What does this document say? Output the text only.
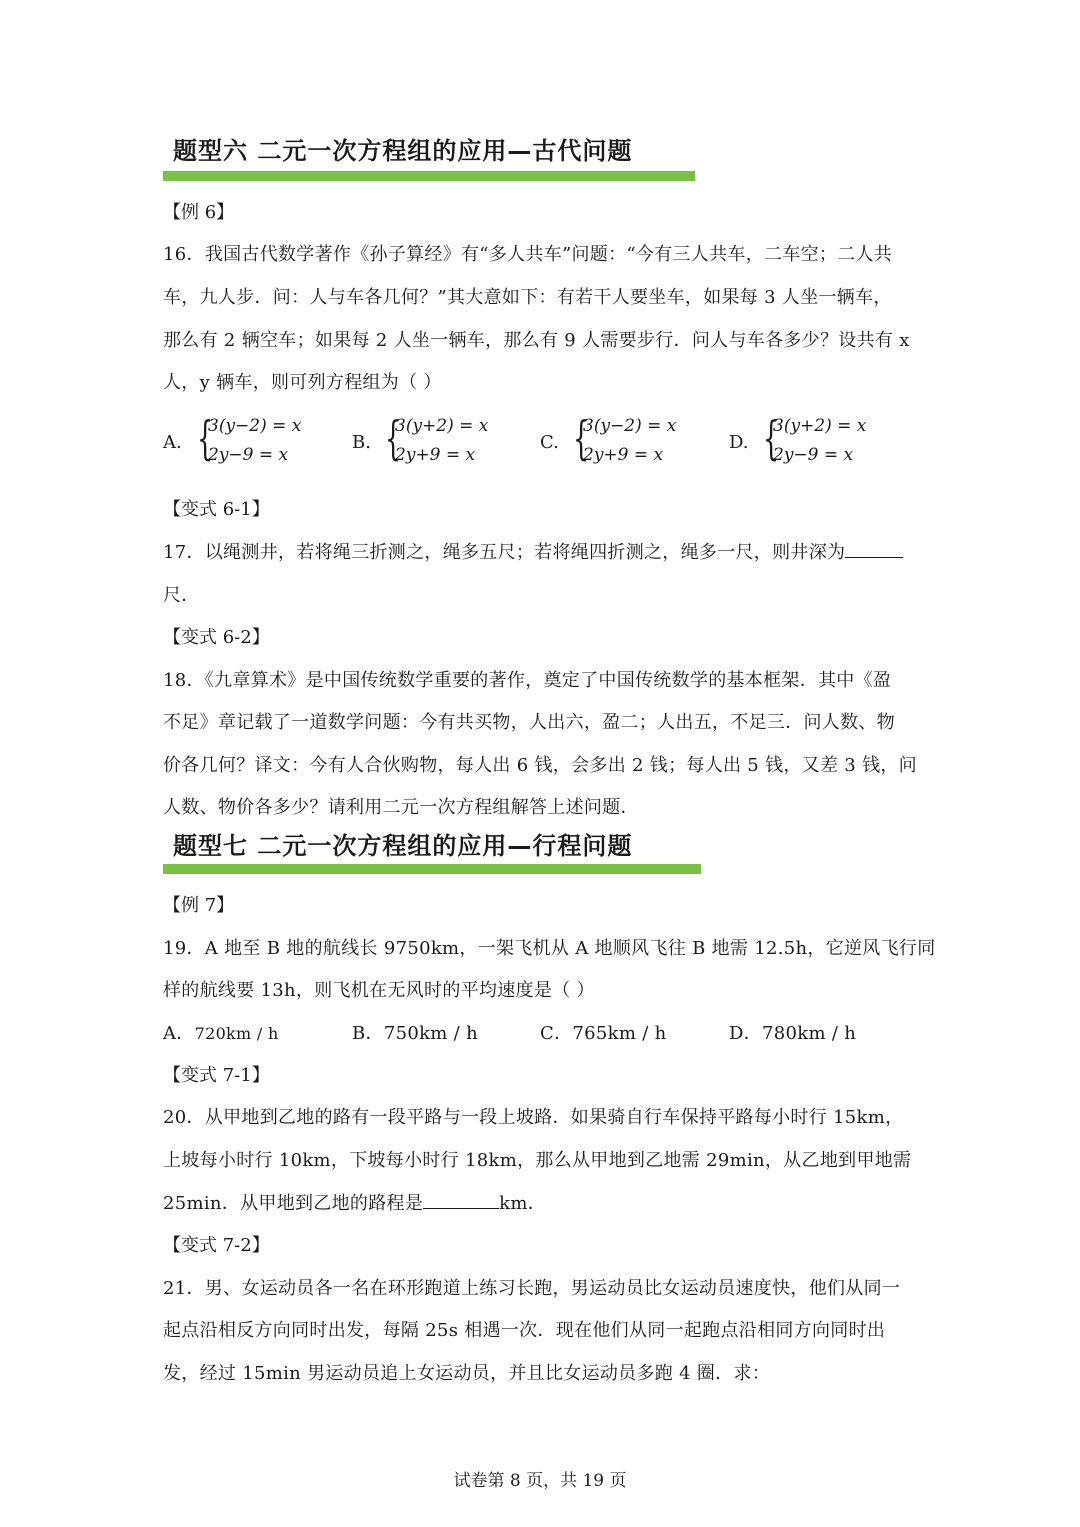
题型六 二元一次方程组的应用—古代问题
【例 6】
16．我国古代数学著作《孙子算经》有“多人共车”问题：“今有三人共车，二车空；二人共
车，九人步．问：人与车各几何？”其大意如下：有若干人要坐车，如果每 3 人坐一辆车，
那么有 2 辆空车；如果每 2 人坐一辆车，那么有 9 人需要步行．问人与车各多少？设共有 x
人，y 辆车，则可列方程组为（ ）
A. {
3(y−2) = x
2y−9 = x
B. {
3(y+2) = x
2y+9 = x
C. {
3(y−2) = x
2y+9 = x
D. {
3(y+2) = x
2y−9 = x
【变式 6-1】
17．以绳测井，若将绳三折测之，绳多五尺；若将绳四折测之，绳多一尺，则井深为
尺．
【变式 6-2】
18．《九章算术》是中国传统数学重要的著作，奠定了中国传统数学的基本框架．其中《盈
不足》章记载了一道数学问题：今有共买物，人出六，盈二；人出五，不足三．问人数、物
价各几何？译文：今有人合伙购物，每人出 6 钱，会多出 2 钱；每人出 5 钱，又差 3 钱，问
人数、物价各多少？请利用二元一次方程组解答上述问题．
题型七 二元一次方程组的应用—行程问题
【例 7】
19．A 地至 B 地的航线长 9750km，一架飞机从 A 地顺风飞往 B 地需 12.5h，它逆风飞行同
样的航线要 13h，则飞机在无风时的平均速度是（ ）
A．720km / h	B．750km / h	C．765km / h	D．780km / h
【变式 7-1】
20．从甲地到乙地的路有一段平路与一段上坡路．如果骑自行车保持平路每小时行 15km，
上坡每小时行 10km，下坡每小时行 18km，那么从甲地到乙地需 29min，从乙地到甲地需
25min．从甲地到乙地的路程是	km．
【变式 7-2】
21．男、女运动员各一名在环形跑道上练习长跑，男运动员比女运动员速度快，他们从同一
起点沿相反方向同时出发，每隔 25s 相遇一次．现在他们从同一起跑点沿相同方向同时出
发，经过 15min 男运动员追上女运动员，并且比女运动员多跑 4 圈．求：
试卷第 8 页，共 19 页
